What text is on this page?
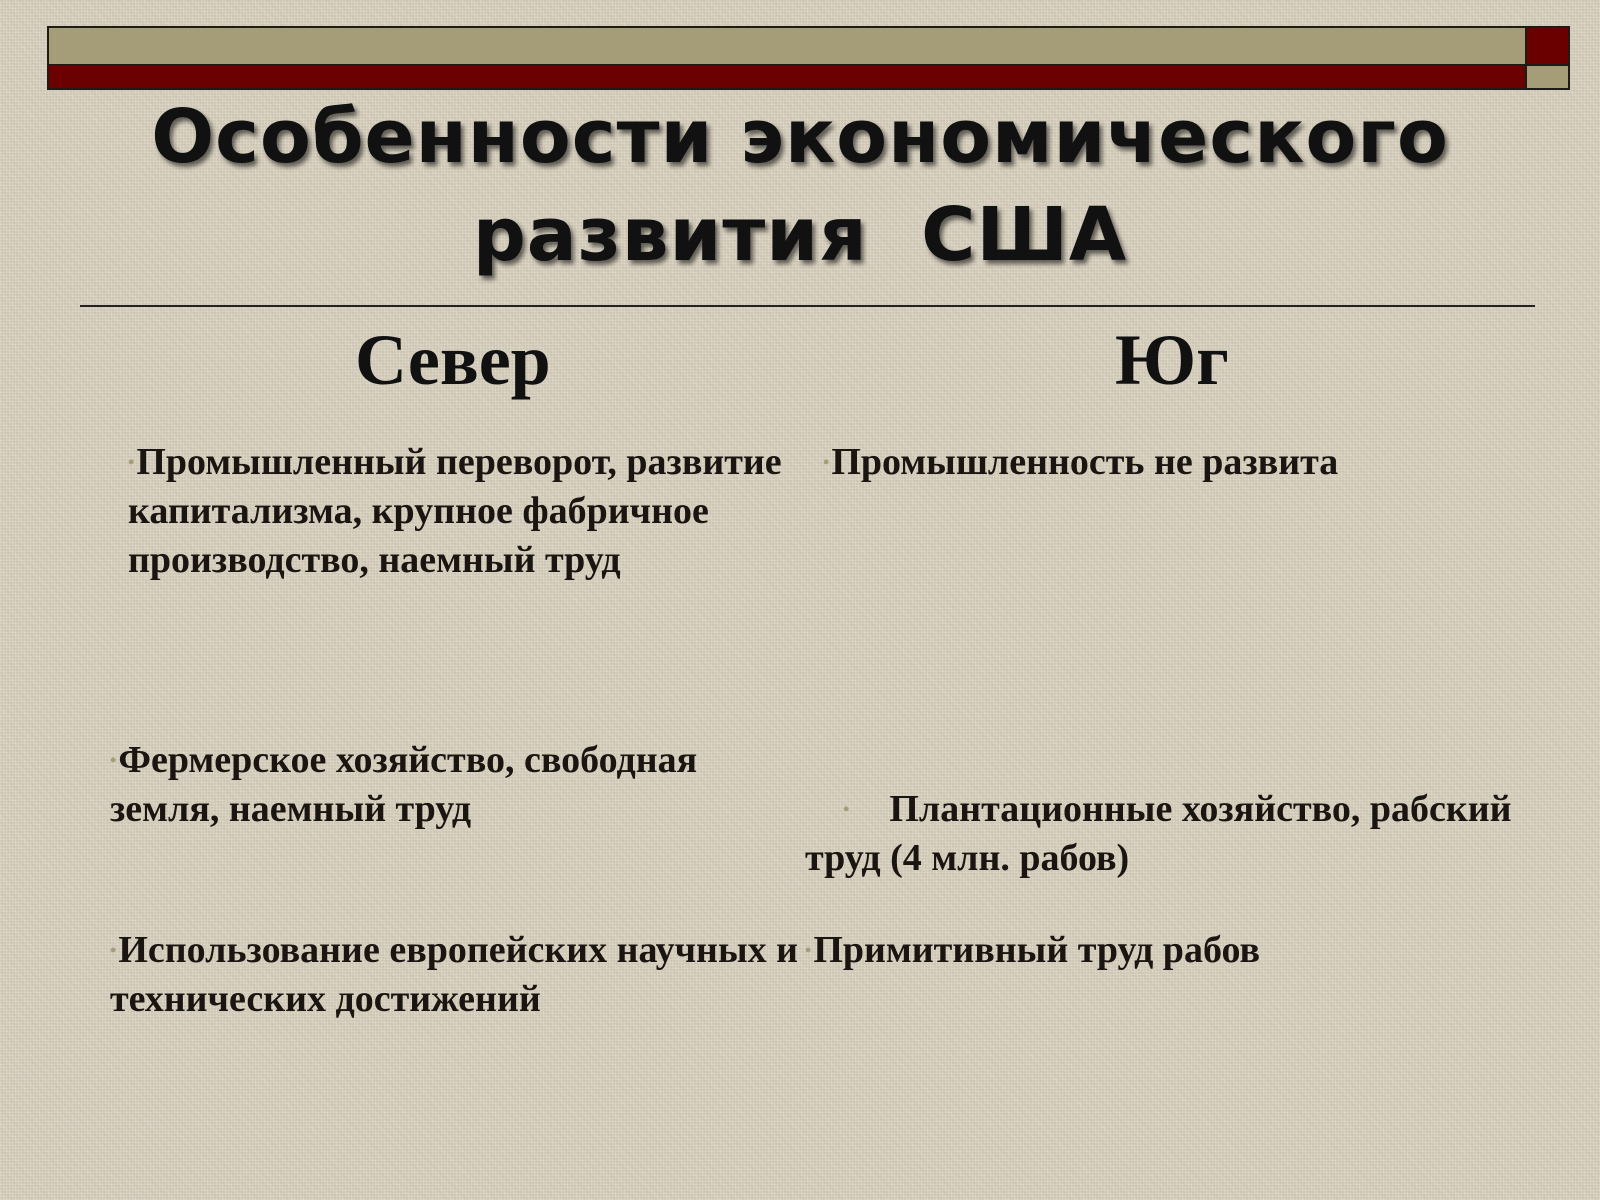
Особенности экономического
развития  США
Север	Юг
•Промышленный переворот, развитие капитализма, крупное фабричное производство, наемный труд
•Промышленность не развита
•Фермерское хозяйство, свободная земля, наемный труд	•    Плантационные хозяйство, рабский труд (4 млн. рабов)

•Использование европейских научных и технических достижений
•Примитивный труд рабов
